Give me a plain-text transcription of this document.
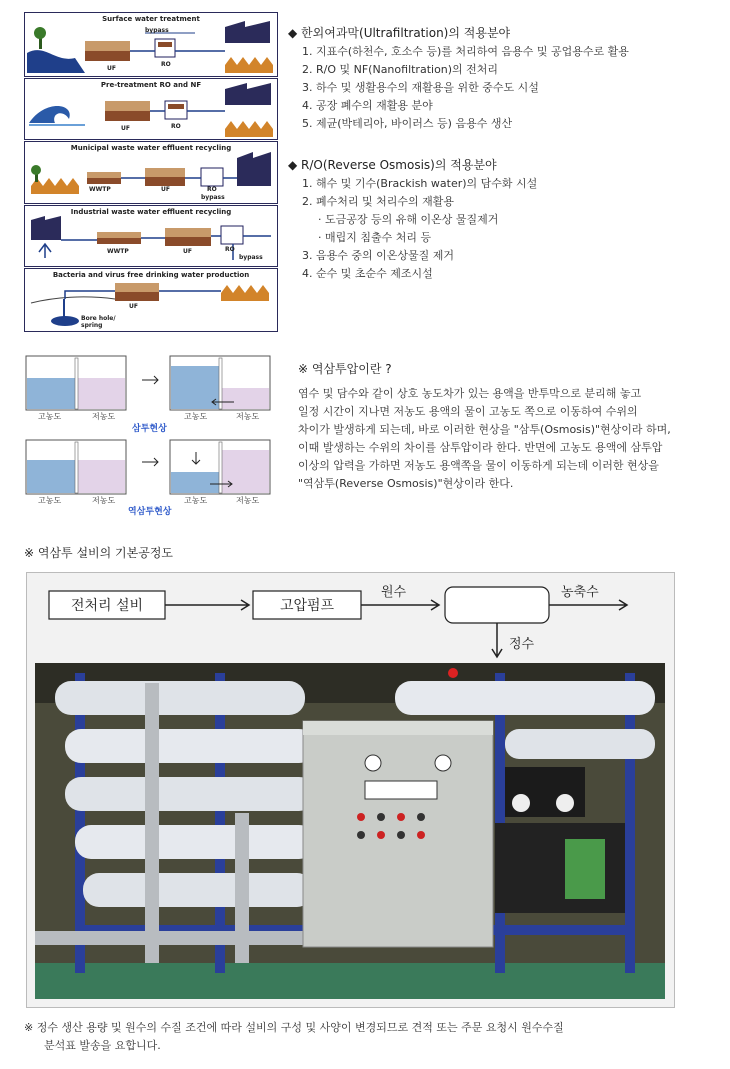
Surface water treatment
bypass
UF
RO
Pre-treatment RO and NF
UF	RO
Municipal waste water effluent recycling
WWTP	UF	RO
bypass
Industrial waste water effluent recycling
WWTP	UF	RO
bypass
Bacteria and virus free drinking water production
UF
Bore hole/ spring
◆ 한외여과막(Ultrafiltration)의 적용분야
1. 지표수(하천수, 호소수 등)를 처리하여 음용수 및 공업용수로 활용
2. R/O 및 NF(Nanofiltration)의 전처리
3. 하수 및 생활용수의 재활용을 위한 중수도 시설
4. 공장 폐수의 재활용 분야
5. 제균(박테리아, 바이러스 등) 음용수 생산
◆ R/O(Reverse Osmosis)의 적용분야
1. 해수 및 기수(Brackish water)의 담수화 시설
2. 폐수처리 및 처리수의 재활용
· 도금공장 등의 유해 이온상 물질제거
· 매립지 침출수 처리 등
3. 음용수 중의 이온상물질 제거
4. 순수 및 초순수 제조시설
고농도	저농도	고농도	저농도
삼투현상
고농도	저농도	고농도	저농도
역삼투현상
※ 역삼투압이란 ?
염수 및 담수와 같이 상호 농도차가 있는 용액을 반투막으로 분리해 놓고
일정 시간이 지나면 저농도 용액의 물이 고농도 쪽으로 이동하여 수위의
차이가 발생하게 되는데, 바로 이러한 현상을 "삼투(Osmosis)"현상이라 하며,
이때 발생하는 수위의 차이를 삼투압이라 한다. 반면에 고농도 용액에 삼투압
이상의 압력을 가하면 저농도 용액쪽을 물이 이동하게 되는데 이러한 현상을
"역삼투(Reverse Osmosis)"현상이라 한다.
※ 역삼투 설비의 기본공정도
전처리 설비	고압펌프
원수	농축수
정수
※ 정수 생산 용량 및 원수의 수질 조건에 따라 설비의 구성 및 사양이 변경되므로 견적 또는 주문 요청시 원수수질
분석표 발송을 요합니다.
